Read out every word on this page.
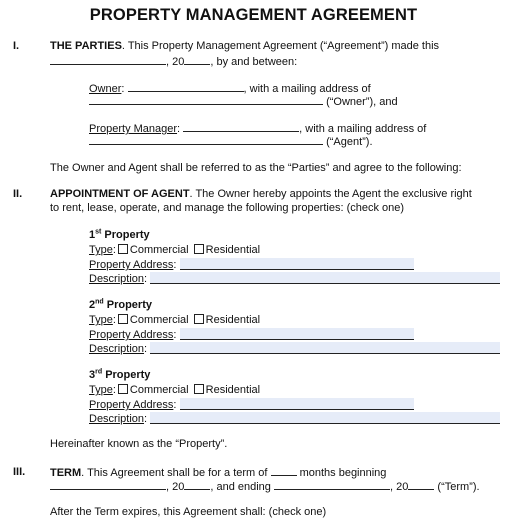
PROPERTY MANAGEMENT AGREEMENT
I.	THE PARTIES. This Property Management Agreement (“Agreement”) made this
, 20 , by and between:
Owner:	, with a mailing address of
(“Owner”), and
Property Manager:	, with a mailing address of
(“Agent”).
The Owner and Agent shall be referred to as the “Parties” and agree to the following:
II.	APPOINTMENT OF AGENT. The Owner hereby appoints the Agent the exclusive right
to rent, lease, operate, and manage the following properties: (check one)
1st Property
Type: Commercial Residential
Property Address:
Description:
2nd Property
Type: Commercial Residential
Property Address:
Description:
3rd Property
Type: Commercial Residential
Property Address:
Description:
Hereinafter known as the “Property”.
III. TERM. This Agreement shall be for a term of	months beginning
, 20 , and ending	, 20	(“Term”).
After the Term expires, this Agreement shall: (check one)
